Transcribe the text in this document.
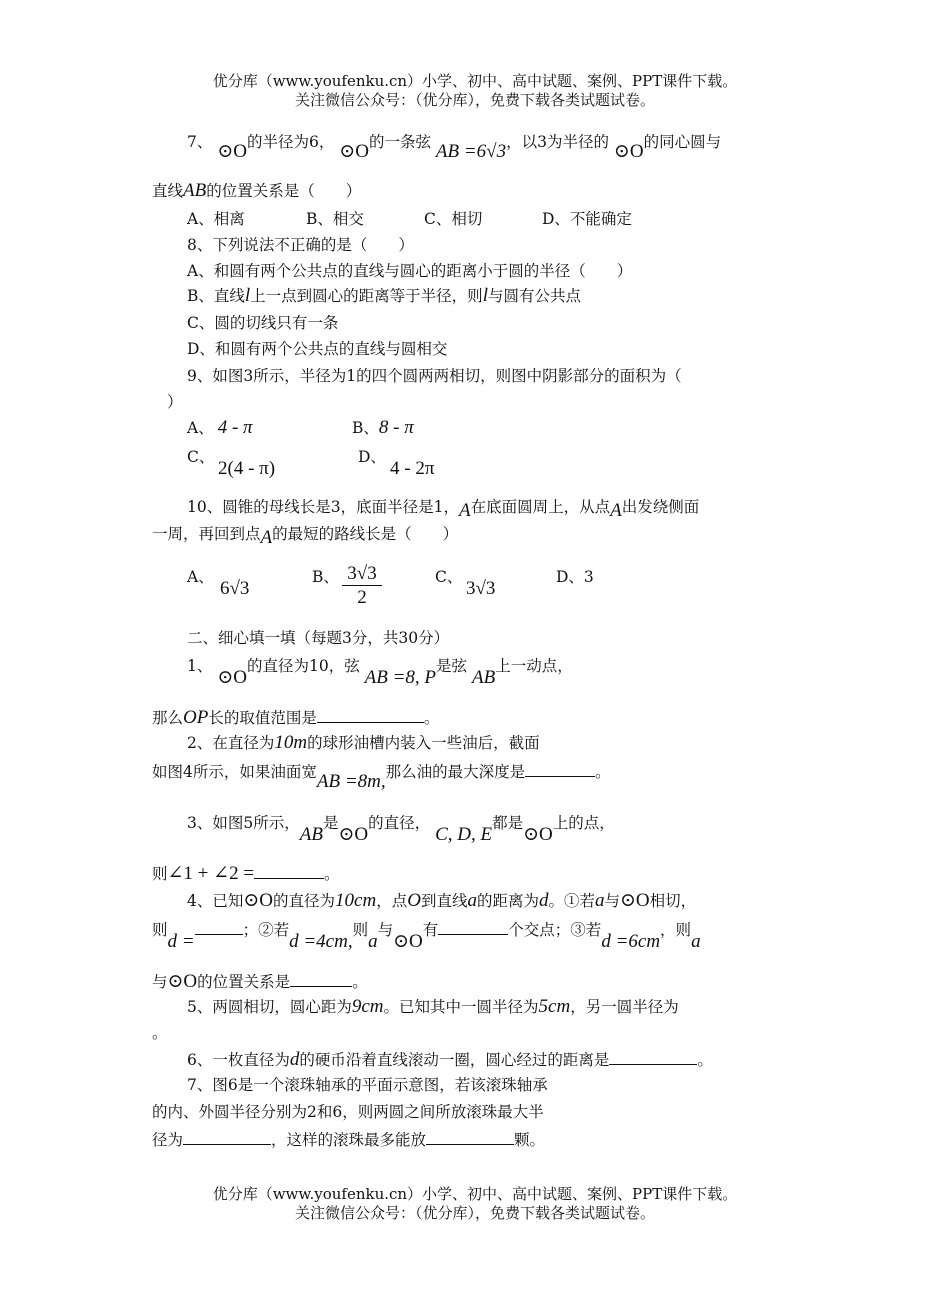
优分库（www.youfenku.cn）小学、初中、高中试题、案例、PPT课件下载。
关注微信公众号：（优分库），免费下载各类试题试卷。
7、 ⊙O的半径为6， ⊙O的一条弦 AB =6√3，以3为半径的 ⊙O的同心圆与
直线AB的位置关系是（　　）
A、相离	B、相交	C、相切	D、不能确定
8、下列说法不正确的是（　　）
A、和圆有两个公共点的直线与圆心的距离小于圆的半径（　　）
B、直线l上一点到圆心的距离等于半径，则l与圆有公共点
C、圆的切线只有一条
D、和圆有两个公共点的直线与圆相交
9、如图3所示，半径为1的四个圆两两相切，则图中阴影部分的面积为（
）
A、 4 - π	B、8 - π
C、
2(4 - π)
D、
4 - 2π
10、圆锥的母线长是3，底面半径是1，A在底面圆周上，从点A出发绕侧面
一周，再回到点A的最短的路线长是（　　）
A、
6√3
B、 $\frac{3√3}{2}$	C、
3√3
D、3
二、细心填一填（每题3分，共30分）
1、 ⊙O的直径为10，弦 AB =8, P是弦 AB上一动点，
那么OP长的取值范围是	。
2、在直径为10m的球形油槽内装入一些油后，截面
如图4所示，如果油面宽AB =8m,那么油的最大深度是	。
3、如图5所示，AB是⊙O的直径， C, D, E都是⊙O上的点，
则∠1 + ∠2 =	。
4、已知⊙O的直径为10cm，点O到直线a的距离为d。①若a与⊙O相切，
则d =；②若d =4cm,则a与⊙O有	个交点；③若d =6cm，则a
与⊙O的位置关系是	。
5、两圆相切，圆心距为9cm。已知其中一圆半径为5cm，另一圆半径为
。
6、一枚直径为d的硬币沿着直线滚动一圈，圆心经过的距离是	。
7、图6是一个滚珠轴承的平面示意图，若该滚珠轴承
的内、外圆半径分别为2和6，则两圆之间所放滚珠最大半
径为	，这样的滚珠最多能放	颗。
优分库（www.youfenku.cn）小学、初中、高中试题、案例、PPT课件下载。
关注微信公众号：（优分库），免费下载各类试题试卷。
